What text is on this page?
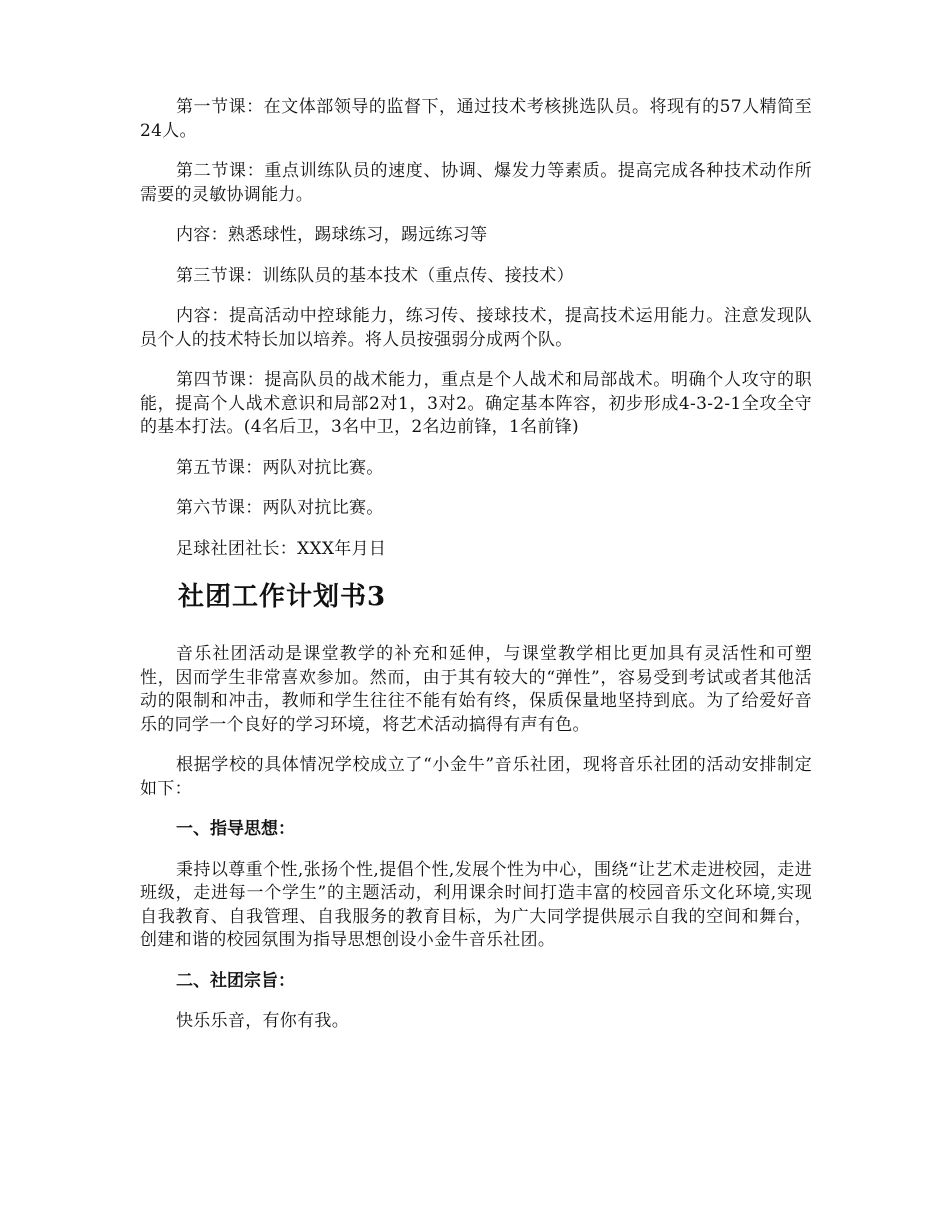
第一节课：在文体部领导的监督下，通过技术考核挑选队员。将现有的57人精简至24人。

第二节课：重点训练队员的速度、协调、爆发力等素质。提高完成各种技术动作所需要的灵敏协调能力。

内容：熟悉球性，踢球练习，踢远练习等

第三节课：训练队员的基本技术（重点传、接技术）

内容：提高活动中控球能力，练习传、接球技术，提高技术运用能力。注意发现队员个人的技术特长加以培养。将人员按强弱分成两个队。

第四节课：提高队员的战术能力，重点是个人战术和局部战术。明确个人攻守的职能，提高个人战术意识和局部2对1，3对2。确定基本阵容，初步形成4-3-2-1全攻全守的基本打法。(4名后卫，3名中卫，2名边前锋，1名前锋)

第五节课：两队对抗比赛。

第六节课：两队对抗比赛。

足球社团社长：XXX年月日

社团工作计划书3

音乐社团活动是课堂教学的补充和延伸，与课堂教学相比更加具有灵活性和可塑性，因而学生非常喜欢参加。然而，由于其有较大的“弹性”，容易受到考试或者其他活动的限制和冲击，教师和学生往往不能有始有终，保质保量地坚持到底。为了给爱好音乐的同学一个良好的学习环境，将艺术活动搞得有声有色。

根据学校的具体情况学校成立了“小金牛”音乐社团，现将音乐社团的活动安排制定如下：

一、指导思想：

秉持以尊重个性,张扬个性,提倡个性,发展个性为中心，围绕“让艺术走进校园，走进班级，走进每一个学生”的主题活动，利用课余时间打造丰富的校园音乐文化环境,实现自我教育、自我管理、自我服务的教育目标，为广大同学提供展示自我的空间和舞台，创建和谐的校园氛围为指导思想创设小金牛音乐社团。

二、社团宗旨：

快乐乐音，有你有我。
